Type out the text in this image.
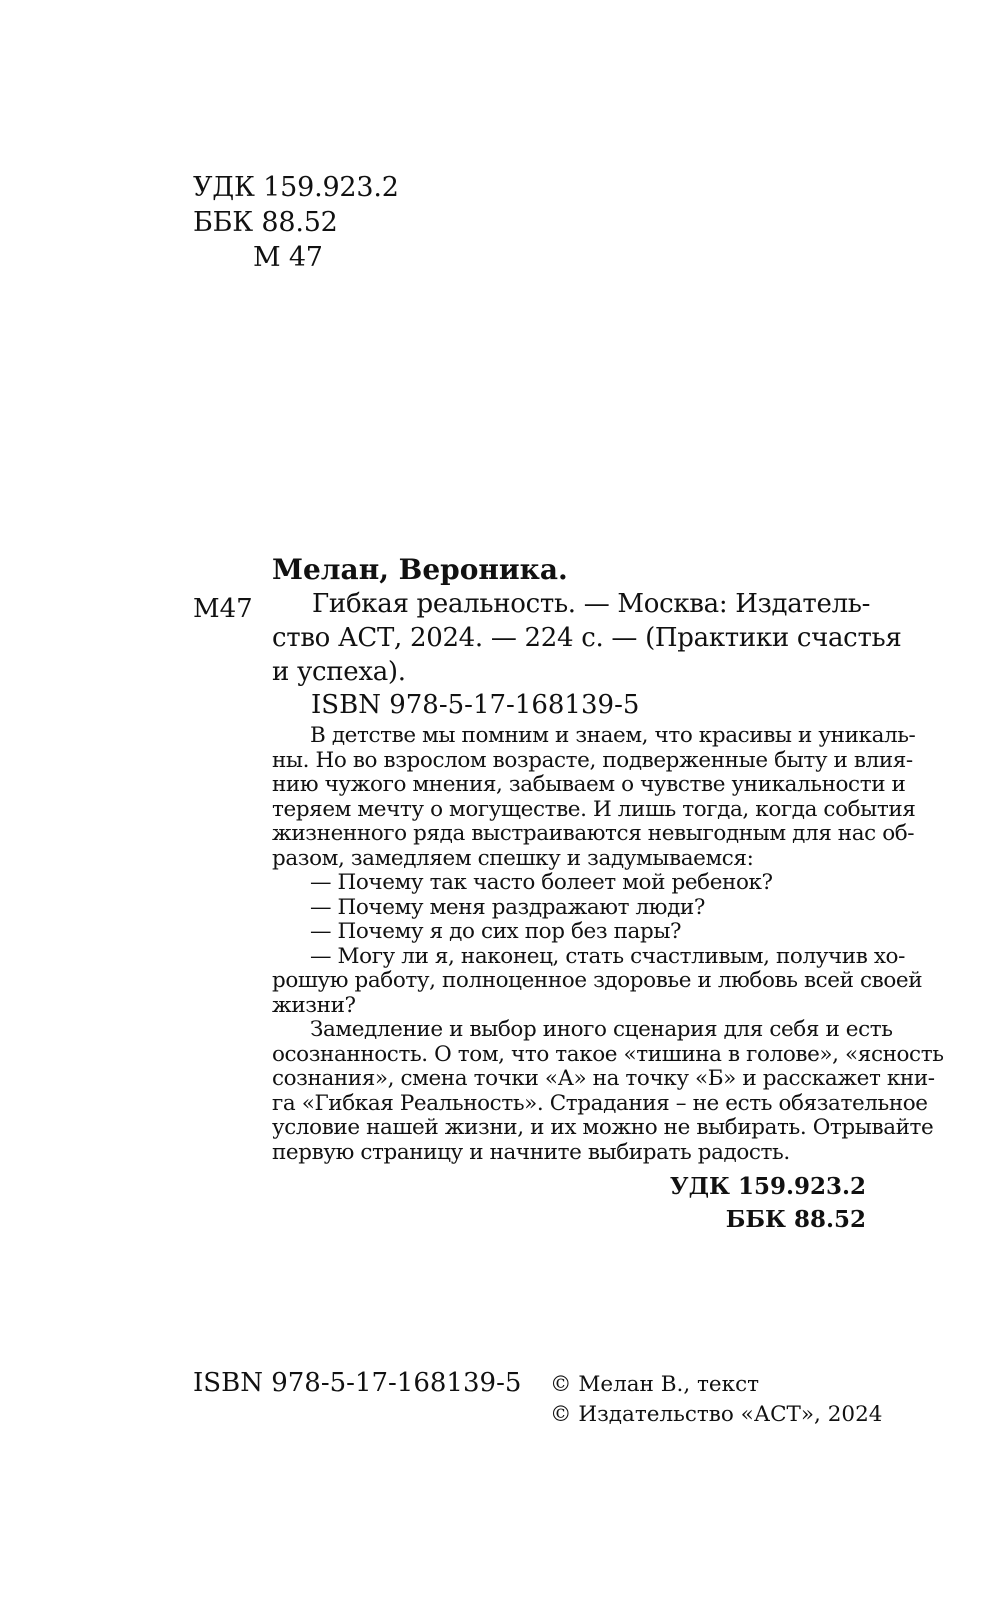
УДК 159.923.2
ББК 88.52
М 47
Мелан, Вероника.
М47	Гибкая реальность. — Москва: Издатель-
ство АСТ, 2024. — 224 с. — (Практики счастья
и успеха).
ISBN 978-5-17-168139-5
В детстве мы помним и знаем, что красивы и уникаль-
ны. Но во взрослом возрасте, подверженные быту и влия-
нию чужого мнения, забываем о чувстве уникальности и
теряем мечту о могуществе. И лишь тогда, когда события
жизненного ряда выстраиваются невыгодным для нас об-
разом, замедляем спешку и задумываемся:
— Почему так часто болеет мой ребенок?
— Почему меня раздражают люди?
— Почему я до сих пор без пары?
— Могу ли я, наконец, стать счастливым, получив хо-
рошую работу, полноценное здоровье и любовь всей своей
жизни?
Замедление и выбор иного сценария для себя и есть
осознанность. О том, что такое «тишина в голове», «ясность
сознания», смена точки «А» на точку «Б» и расскажет кни-
га «Гибкая Реальность». Страдания – не есть обязательное
условие нашей жизни, и их можно не выбирать. Отрывайте
первую страницу и начните выбирать радость.
УДК 159.923.2
ББК 88.52
ISBN 978-5-17-168139-5 © Мелан В., текст
© Издательство «АСТ», 2024
